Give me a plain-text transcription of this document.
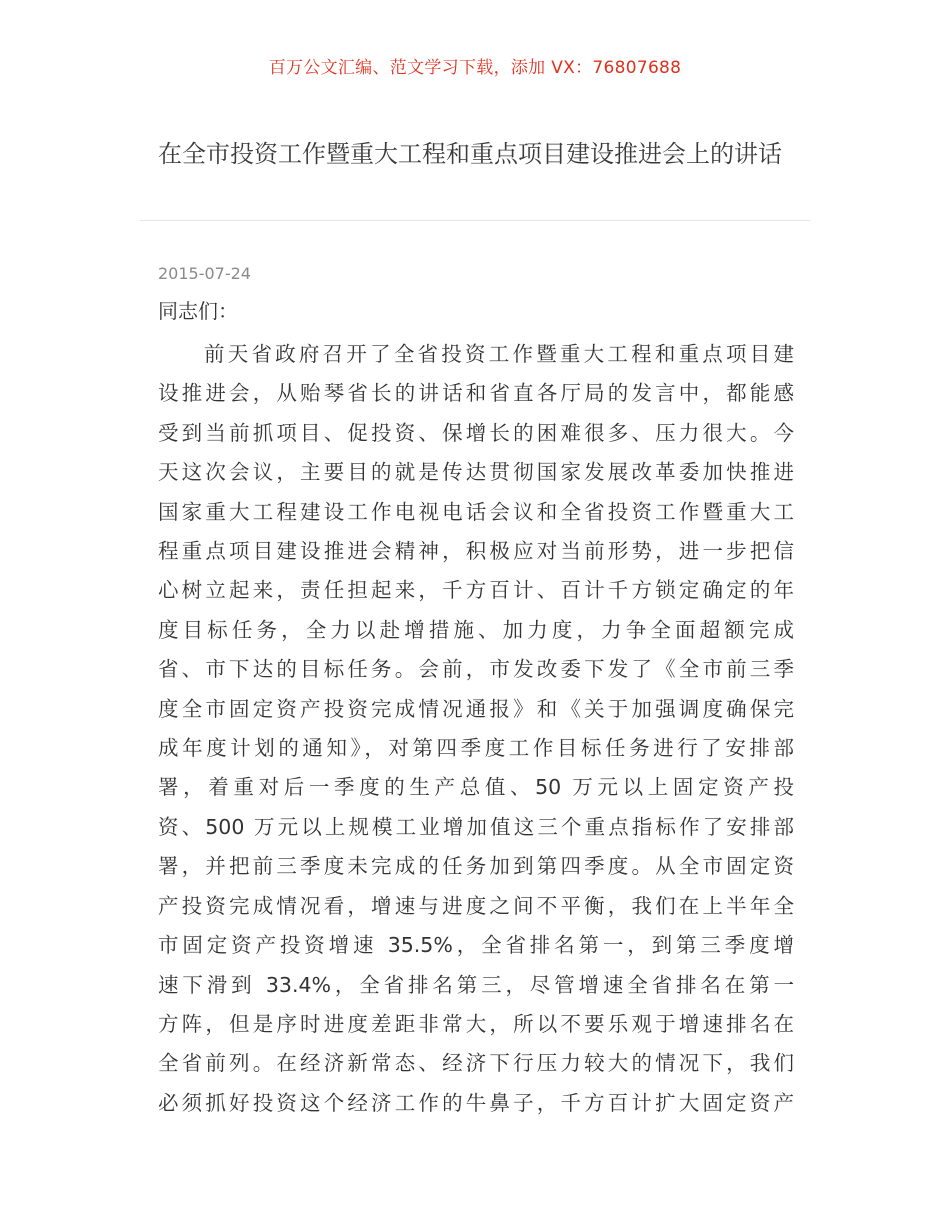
百万公文汇编、范文学习下载，添加 VX：76807688
在全市投资工作暨重大工程和重点项目建设推进会上的讲话
2015-07-24
同志们：
前天省政府召开了全省投资工作暨重大工程和重点项目建
设推进会，从贻琴省长的讲话和省直各厅局的发言中，都能感
受到当前抓项目、促投资、保增长的困难很多、压力很大。今
天这次会议，主要目的就是传达贯彻国家发展改革委加快推进
国家重大工程建设工作电视电话会议和全省投资工作暨重大工
程重点项目建设推进会精神，积极应对当前形势，进一步把信
心树立起来，责任担起来，千方百计、百计千方锁定确定的年
度目标任务，全力以赴增措施、加力度，力争全面超额完成
省、市下达的目标任务。会前，市发改委下发了《全市前三季
度全市固定资产投资完成情况通报》和《关于加强调度确保完
成年度计划的通知》，对第四季度工作目标任务进行了安排部
署，着重对后一季度的生产总值、50 万元以上固定资产投
资、500 万元以上规模工业增加值这三个重点指标作了安排部
署，并把前三季度未完成的任务加到第四季度。从全市固定资
产投资完成情况看，增速与进度之间不平衡，我们在上半年全
市固定资产投资增速 35.5%，全省排名第一，到第三季度增
速下滑到 33.4%，全省排名第三，尽管增速全省排名在第一
方阵，但是序时进度差距非常大，所以不要乐观于增速排名在
全省前列。在经济新常态、经济下行压力较大的情况下，我们
必须抓好投资这个经济工作的牛鼻子，千方百计扩大固定资产
